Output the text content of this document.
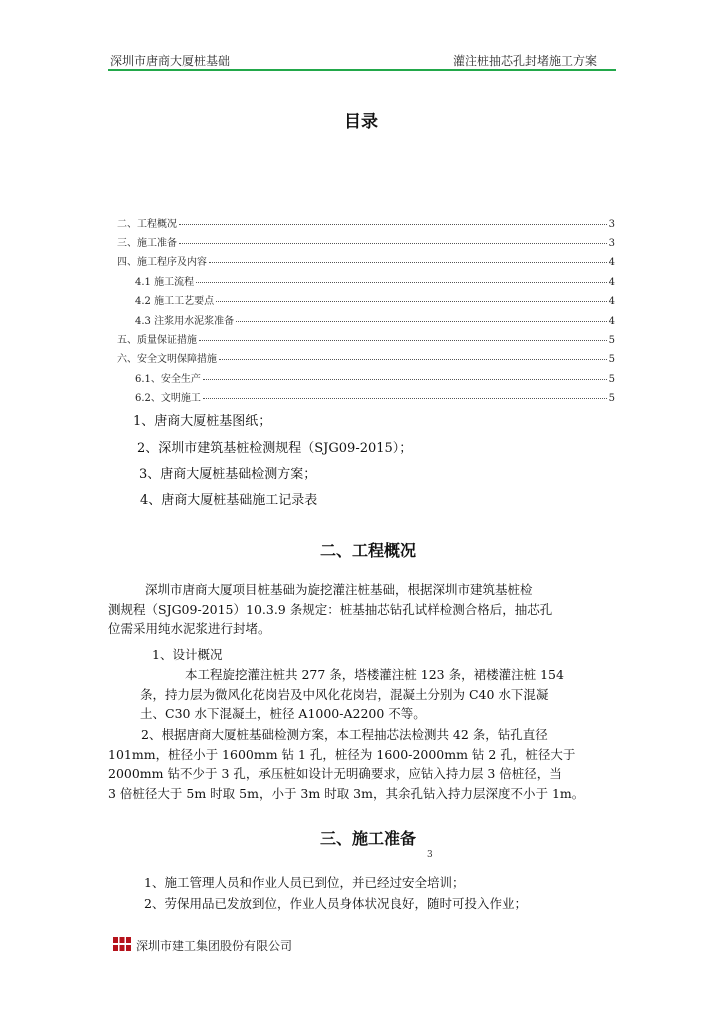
深圳市唐商大厦桩基础	灌注桩抽芯孔封堵施工方案
目录
二、工程概况	3
三、施工准备	3
四、施工程序及内容	4
4.1 施工流程	4
4.2 施工工艺要点	4
4.3 注浆用水泥浆准备	4
五、质量保证措施	5
六、安全文明保障措施	5
6.1、安全生产	5
6.2、文明施工	5
1、唐商大厦桩基图纸；
2、深圳市建筑基桩检测规程（SJG09-2015）；
3、唐商大厦桩基础检测方案；
4、唐商大厦桩基础施工记录表
二、工程概况
深圳市唐商大厦项目桩基础为旋挖灌注桩基础，根据深圳市建筑基桩检
测规程（SJG09-2015）10.3.9 条规定：桩基抽芯钻孔试样检测合格后，抽芯孔
位需采用纯水泥浆进行封堵。
1、设计概况
本工程旋挖灌注桩共 277 条，塔楼灌注桩 123 条，裙楼灌注桩 154
条，持力层为微风化花岗岩及中风化花岗岩，混凝土分别为 C40 水下混凝
土、C30 水下混凝土，桩径 A1000-A2200 不等。
2、根据唐商大厦桩基础检测方案，本工程抽芯法检测共 42 条，钻孔直径
101mm，桩径小于 1600mm 钻 1 孔，桩径为 1600-2000mm 钻 2 孔，桩径大于
2000mm 钻不少于 3 孔，承压桩如设计无明确要求，应钻入持力层 3 倍桩径，当
3 倍桩径大于 5m 时取 5m，小于 3m 时取 3m，其余孔钻入持力层深度不小于 1m。
三、施工准备
3
1、施工管理人员和作业人员已到位，并已经过安全培训；
2、劳保用品已发放到位，作业人员身体状况良好，随时可投入作业；
深圳市建工集团股份有限公司
